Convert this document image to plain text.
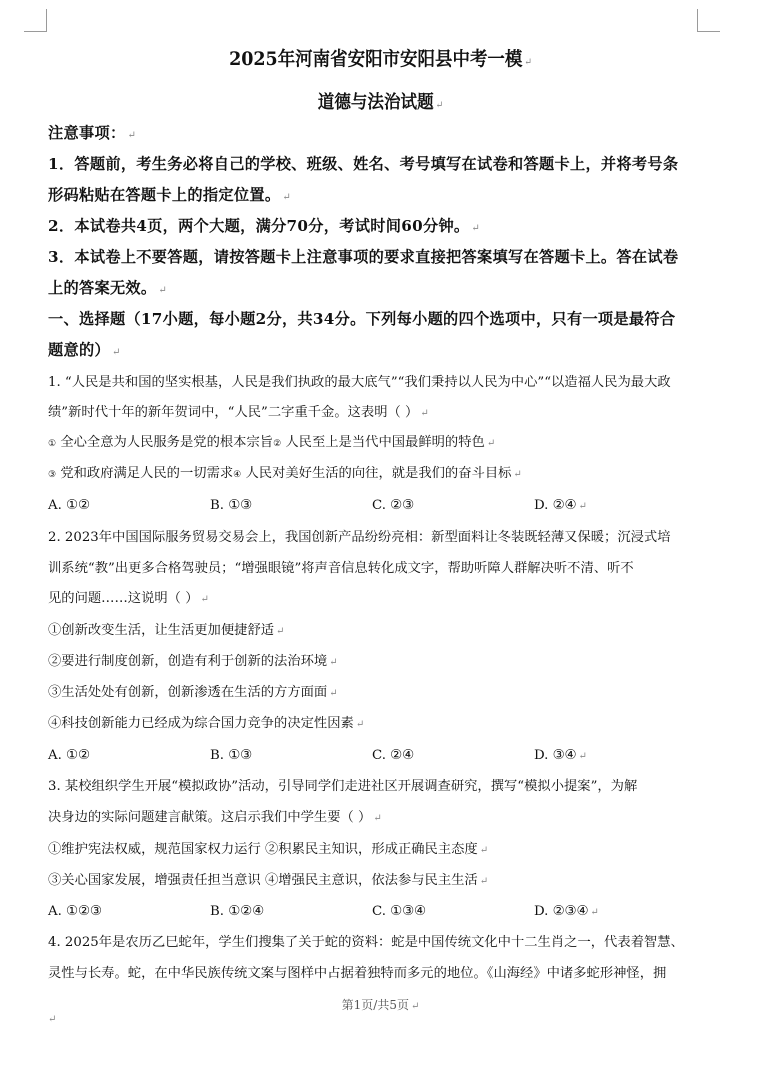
2025年河南省安阳市安阳县中考一模 ↵
道德与法治试题 ↵
注意事项： ↵
1．答题前，考生务必将自己的学校、班级、姓名、考号填写在试卷和答题卡上，并将考号条
形码粘贴在答题卡上的指定位置。 ↵
2．本试卷共4页，两个大题，满分70分，考试时间60分钟。 ↵
3．本试卷上不要答题，请按答题卡上注意事项的要求直接把答案填写在答题卡上。答在试卷
上的答案无效。 ↵
一、选择题（17小题，每小题2分，共34分。下列每小题的四个选项中，只有一项是最符合
题意的） ↵
1. “人民是共和国的坚实根基，人民是我们执政的最大底气”“我们秉持以人民为中心”“以造福人民为最大政
绩”新时代十年的新年贺词中，“人民”二字重千金。这表明（ ） ↵
① 全心全意为人民服务是党的根本宗旨② 人民至上是当代中国最鲜明的特色 ↵
③ 党和政府满足人民的一切需求④ 人民对美好生活的向往，就是我们的奋斗目标 ↵
A. ①②	B. ①③	C. ②③	D. ②④ ↵
2. 2023年中国国际服务贸易交易会上，我国创新产品纷纷亮相：新型面料让冬装既轻薄又保暖；沉浸式培
训系统“教”出更多合格驾驶员；“增强眼镜”将声音信息转化成文字，帮助听障人群解决听不清、听不
见的问题……这说明（ ） ↵
①创新改变生活，让生活更加便捷舒适 ↵
②要进行制度创新，创造有利于创新的法治环境 ↵
③生活处处有创新，创新渗透在生活的方方面面 ↵
④科技创新能力已经成为综合国力竞争的决定性因素 ↵
A. ①②	B. ①③	C. ②④	D. ③④ ↵
3. 某校组织学生开展“模拟政协”活动，引导同学们走进社区开展调查研究，撰写“模拟小提案”，为解
决身边的实际问题建言献策。这启示我们中学生要（ ） ↵
①维护宪法权威，规范国家权力运行 ②积累民主知识，形成正确民主态度 ↵
③关心国家发展，增强责任担当意识 ④增强民主意识，依法参与民主生活 ↵
A. ①②③	B. ①②④	C. ①③④	D. ②③④ ↵
4. 2025年是农历乙巳蛇年，学生们搜集了关于蛇的资料：蛇是中国传统文化中十二生肖之一，代表着智慧、
灵性与长寿。蛇，在中华民族传统文案与图样中占据着独特而多元的地位。《山海经》中诸多蛇形神怪，拥
第1页/共5页 ↵
↵
